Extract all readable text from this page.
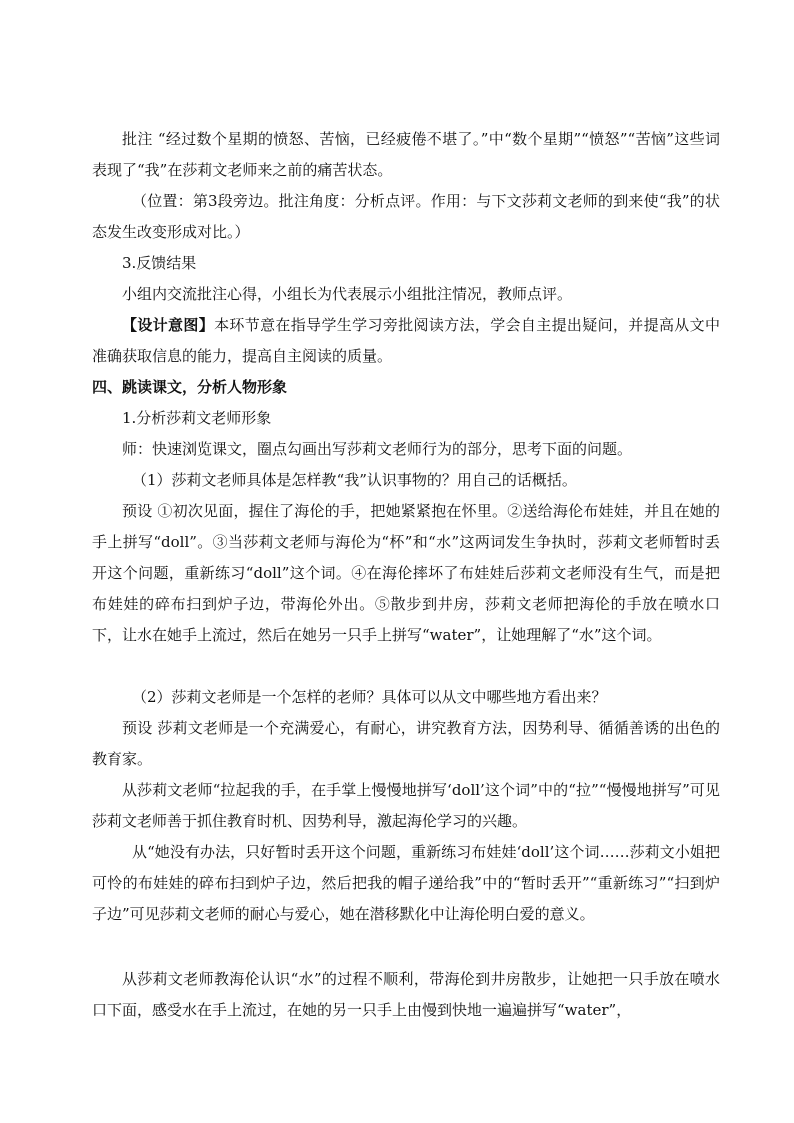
批注 “经过数个星期的愤怒、苦恼，已经疲倦不堪了。”中“数个星期”“愤怒”“苦恼”这些词表现了“我”在莎莉文老师来之前的痛苦状态。

（位置：第3段旁边。批注角度：分析点评。作用：与下文莎莉文老师的到来使“我”的状态发生改变形成对比。）

3.反馈结果

小组内交流批注心得，小组长为代表展示小组批注情况，教师点评。

【设计意图】本环节意在指导学生学习旁批阅读方法，学会自主提出疑问，并提高从文中准确获取信息的能力，提高自主阅读的质量。

四、跳读课文，分析人物形象

1.分析莎莉文老师形象

师：快速浏览课文，圈点勾画出写莎莉文老师行为的部分，思考下面的问题。

（1）莎莉文老师具体是怎样教“我”认识事物的？用自己的话概括。

预设 ①初次见面，握住了海伦的手，把她紧紧抱在怀里。②送给海伦布娃娃，并且在她的手上拼写“doll”。③当莎莉文老师与海伦为“杯”和“水”这两词发生争执时，莎莉文老师暂时丢开这个问题，重新练习“doll”这个词。④在海伦摔坏了布娃娃后莎莉文老师没有生气，而是把布娃娃的碎布扫到炉子边，带海伦外出。⑤散步到井房，莎莉文老师把海伦的手放在喷水口下，让水在她手上流过，然后在她另一只手上拼写“water”，让她理解了“水”这个词。

（2）莎莉文老师是一个怎样的老师？具体可以从文中哪些地方看出来？

预设 莎莉文老师是一个充满爱心，有耐心，讲究教育方法，因势利导、循循善诱的出色的教育家。

从莎莉文老师“拉起我的手，在手掌上慢慢地拼写‘doll’这个词”中的“拉”“慢慢地拼写”可见莎莉文老师善于抓住教育时机、因势利导，激起海伦学习的兴趣。

从“她没有办法，只好暂时丢开这个问题，重新练习布娃娃‘doll’这个词……莎莉文小姐把可怜的布娃娃的碎布扫到炉子边，然后把我的帽子递给我”中的“暂时丢开”“重新练习”“扫到炉子边”可见莎莉文老师的耐心与爱心，她在潜移默化中让海伦明白爱的意义。

从莎莉文老师教海伦认识“水”的过程不顺利，带海伦到井房散步，让她把一只手放在喷水口下面，感受水在手上流过，在她的另一只手上由慢到快地一遍遍拼写“water”，
